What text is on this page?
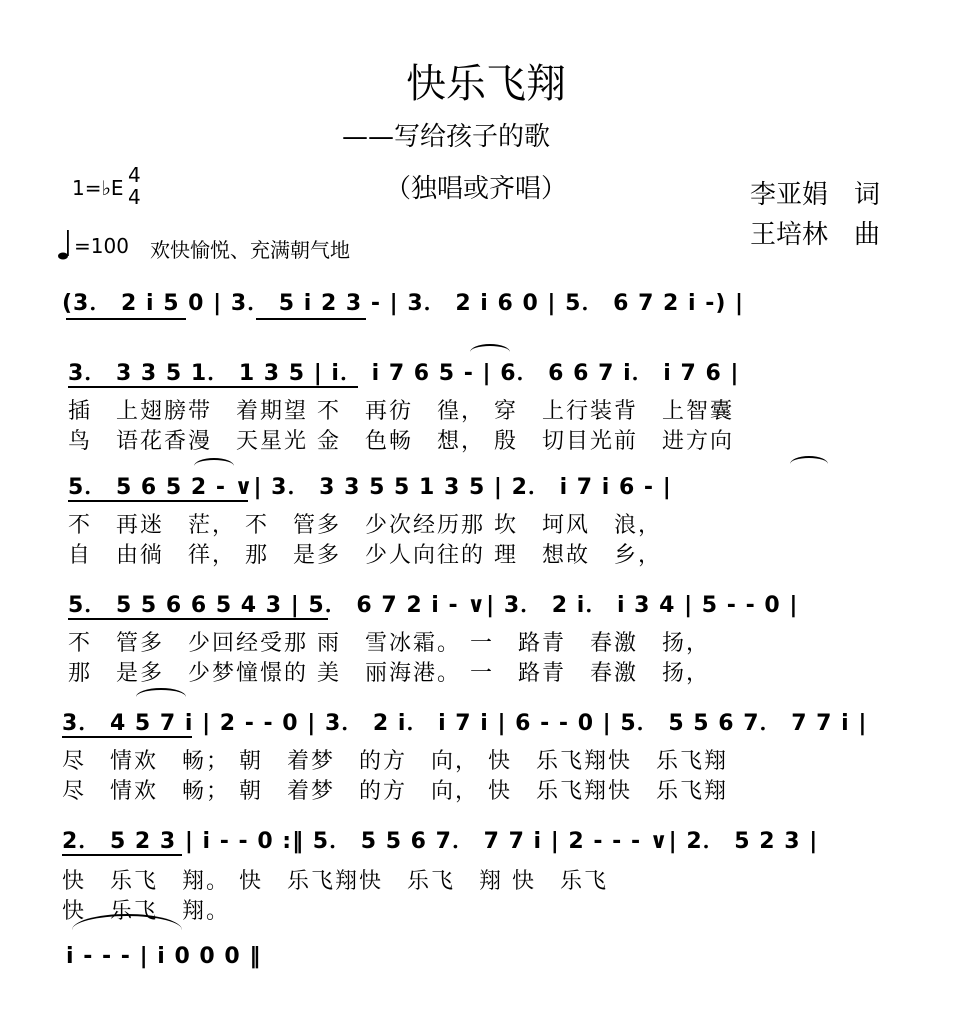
快乐飞翔
——写给孩子的歌
（独唱或齐唱）	李亚娟　词
王培林　曲
1=♭E
4
4
=100 欢快愉悦、充满朝气地
(3． 2 i 5 0 | 3． 5 i 2 3 - | 3． 2 i 6 0 | 5． 6 7 2 i -) |
3． 3 3 5 1． 1 3 5 | i． i 7 6 5 - | 6． 6 6 7 i． i 7 6 |
插　上翅膀带　着期望 不　再彷　徨， 穿　上行装背　上智囊
鸟　语花香漫　天星光 金　色畅　想， 殷　切目光前　进方向
5． 5 6 5 2 - ∨| 3． 3 3 5 5 1 3 5 | 2． i 7 i 6 - |
不　再迷　茫， 不　管多　少次经历那 坎　坷风　浪，
自　由徜　徉， 那　是多　少人向往的 理　想故　乡，
5． 5 5 6 6 5 4 3 | 5． 6 7 2 i - ∨| 3． 2 i． i 3 4 | 5 - - 0 |
不　管多　少回经受那 雨　雪冰霜。 一　路青　春激　扬，
那　是多　少梦憧憬的 美　丽海港。 一　路青　春激　扬，
3． 4 5 7 i | 2 - - 0 | 3． 2 i． i 7 i | 6 - - 0 | 5． 5 5 6 7． 7 7 i |
尽　情欢　畅； 朝　着梦　的方　向， 快　乐飞翔快　乐飞翔
尽　情欢　畅； 朝　着梦　的方　向， 快　乐飞翔快　乐飞翔
2． 5 2 3 | i - - 0 :‖ 5． 5 5 6 7． 7 7 i | 2 - - - ∨| 2． 5 2 3 |
快　乐飞　翔。 快　乐飞翔快　乐飞　翔 快　乐飞
快　乐飞　翔。
i - - - | i 0 0 0 ‖
